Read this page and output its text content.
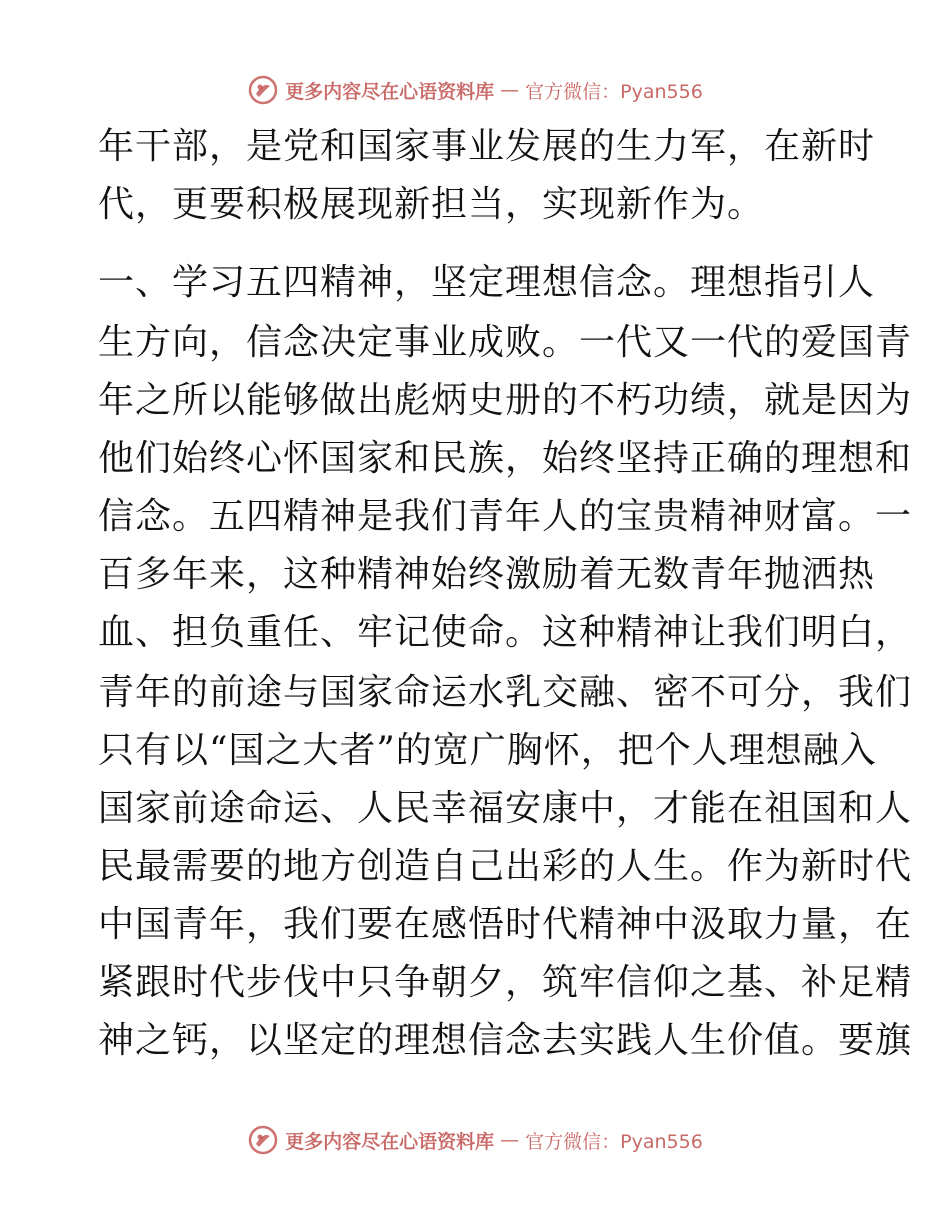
更多内容尽在心语资料库 — 官方微信：Pyan556
年干部，是党和国家事业发展的生力军，在新时
代，更要积极展现新担当，实现新作为。
一、学习五四精神，坚定理想信念。理想指引人
生方向，信念决定事业成败。一代又一代的爱国青
年之所以能够做出彪炳史册的不朽功绩，就是因为
他们始终心怀国家和民族，始终坚持正确的理想和
信念。五四精神是我们青年人的宝贵精神财富。一
百多年来，这种精神始终激励着无数青年抛洒热
血、担负重任、牢记使命。这种精神让我们明白，
青年的前途与国家命运水乳交融、密不可分，我们
只有以“国之大者”的宽广胸怀，把个人理想融入
国家前途命运、人民幸福安康中，才能在祖国和人
民最需要的地方创造自己出彩的人生。作为新时代
中国青年，我们要在感悟时代精神中汲取力量，在
紧跟时代步伐中只争朝夕，筑牢信仰之基、补足精
神之钙，以坚定的理想信念去实践人生价值。要旗
更多内容尽在心语资料库 — 官方微信：Pyan556
